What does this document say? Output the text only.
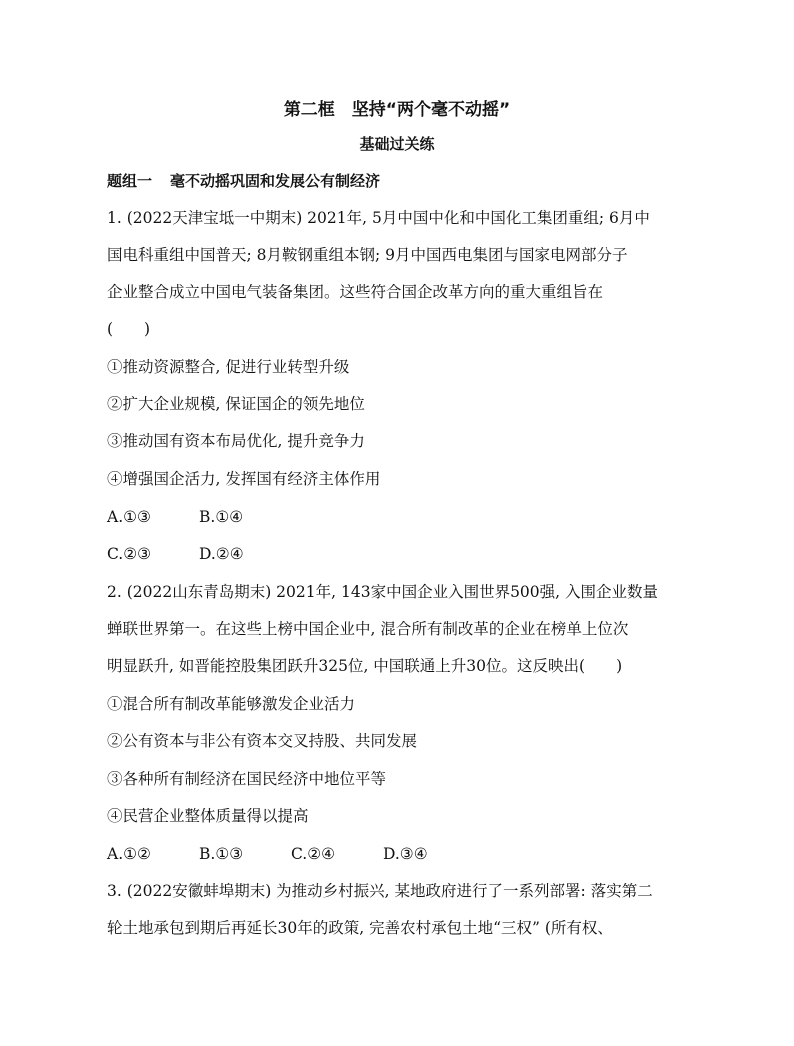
第二框　坚持“两个毫不动摇”
基础过关练
题组一 毫不动摇巩固和发展公有制经济
1. (2022天津宝坻一中期末) 2021年, 5月中国中化和中国化工集团重组; 6月中
国电科重组中国普天; 8月鞍钢重组本钢; 9月中国西电集团与国家电网部分子
企业整合成立中国电气装备集团。这些符合国企改革方向的重大重组旨在
(　　)
①推动资源整合, 促进行业转型升级
②扩大企业规模, 保证国企的领先地位
③推动国有资本布局优化, 提升竞争力
④增强国企活力, 发挥国有经济主体作用
A.①③	B.①④
C.②③	D.②④
2. (2022山东青岛期末) 2021年, 143家中国企业入围世界500强, 入围企业数量
蝉联世界第一。在这些上榜中国企业中, 混合所有制改革的企业在榜单上位次
明显跃升, 如晋能控股集团跃升325位, 中国联通上升30位。这反映出(　　)
①混合所有制改革能够激发企业活力
②公有资本与非公有资本交叉持股、共同发展
③各种所有制经济在国民经济中地位平等
④民营企业整体质量得以提高
A.①②	B.①③	C.②④	D.③④
3. (2022安徽蚌埠期末) 为推动乡村振兴, 某地政府进行了一系列部署: 落实第二
轮土地承包到期后再延长30年的政策, 完善农村承包土地“三权” (所有权、
